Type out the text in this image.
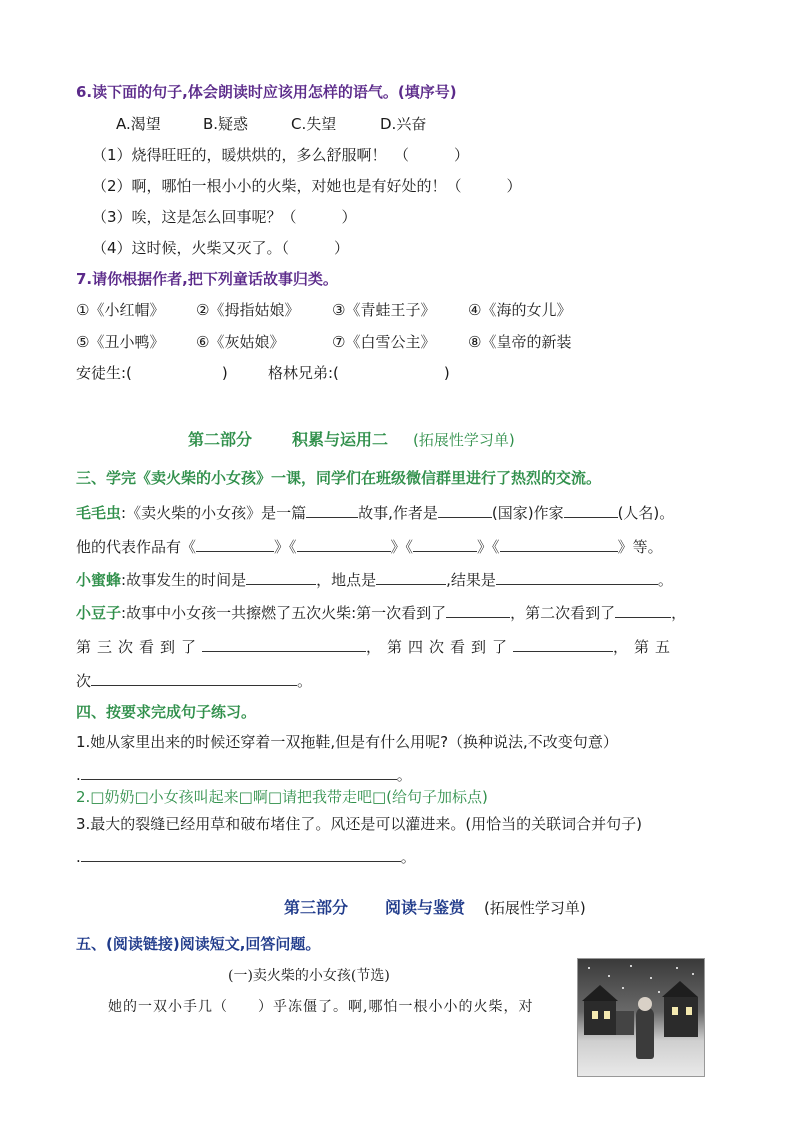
6.读下面的句子,体会朗读时应该用怎样的语气。(填序号)
A.渴望	B.疑惑	C.失望	D.兴奋
（1）烧得旺旺的，暖烘烘的，多么舒服啊！　（　　　）
（2）啊，哪怕一根小小的火柴，对她也是有好处的！（　　　）
（3）唉，这是怎么回事呢？（　　　）
（4）这时候，火柴又灭了。（　　　）
7.请你根据作者,把下列童话故事归类。
①《小红帽》 ②《拇指姑娘》 ③《青蛙王子》 ④《海的女儿》
⑤《丑小鸭》 ⑥《灰姑娘》	⑦《白雪公主》 ⑧《皇帝的新装
安徒生:(　　　　　　)	格林兄弟:(　　　　　　　)
第二部分 积累与运用二 (拓展性学习单)
三、学完《卖火柴的小女孩》一课，同学们在班级微信群里进行了热烈的交流。
毛毛虫:《卖火柴的小女孩》是一篇	故事,作者是	(国家)作家	(人名)。
他的代表作品有《	》《	》《	》《	》等。
小蜜蜂:故事发生的时间是	，地点是	,结果是	。
小豆子:故事中小女孩一共擦燃了五次火柴:第一次看到了	，第二次看到了	，
第三次看到了	，第四次看到了	，第五
次	。
四、按要求完成句子练习。
1.她从家里出来的时候还穿着一双拖鞋,但是有什么用呢?（换种说法,不改变句意）
.	。
2.□奶奶□小女孩叫起来□啊□请把我带走吧□(给句子加标点)
3.最大的裂缝已经用草和破布堵住了。风还是可以灌进来。(用恰当的关联词合并句子)
.	。
第三部分 阅读与鉴赏 (拓展性学习单)
五、(阅读链接)阅读短文,回答问题。
(一)卖火柴的小女孩(节选)
她的一双小手几（　　）乎冻僵了。啊,哪怕一根小小的火柴，对
